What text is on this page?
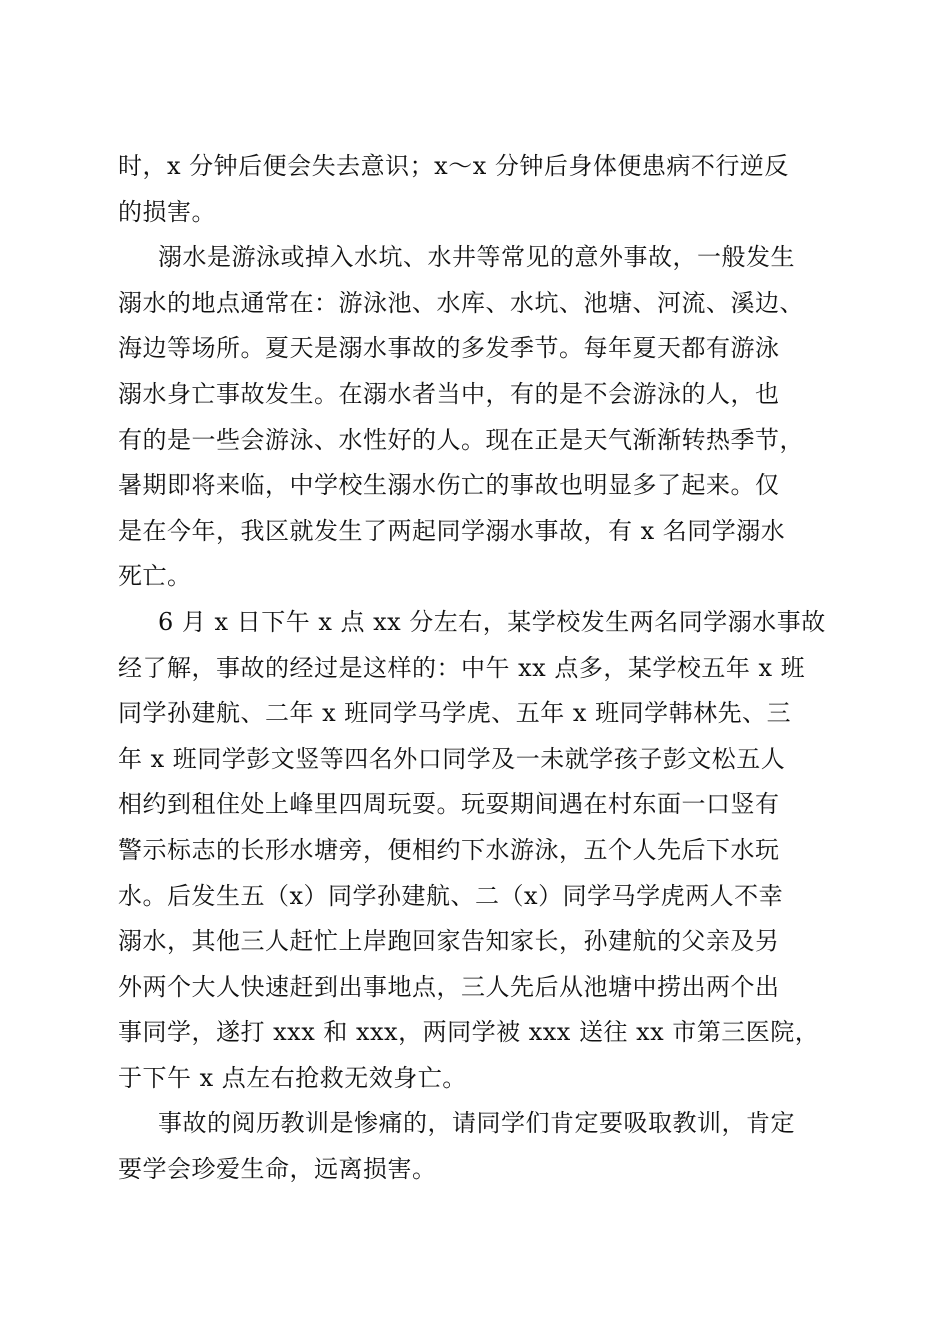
时，x 分钟后便会失去意识；x～x 分钟后身体便患病不行逆反
的损害。
溺水是游泳或掉入水坑、水井等常见的意外事故，一般发生
溺水的地点通常在：游泳池、水库、水坑、池塘、河流、溪边、
海边等场所。夏天是溺水事故的多发季节。每年夏天都有游泳
溺水身亡事故发生。在溺水者当中，有的是不会游泳的人，也
有的是一些会游泳、水性好的人。现在正是天气渐渐转热季节，
暑期即将来临，中学校生溺水伤亡的事故也明显多了起来。仅
是在今年，我区就发生了两起同学溺水事故，有 x 名同学溺水
死亡。
6 月 x 日下午 x 点 xx 分左右，某学校发生两名同学溺水事故
经了解，事故的经过是这样的：中午 xx 点多，某学校五年 x 班
同学孙建航、二年 x 班同学马学虎、五年 x 班同学韩林先、三
年 x 班同学彭文竖等四名外口同学及一未就学孩子彭文松五人
相约到租住处上峰里四周玩耍。玩耍期间遇在村东面一口竖有
警示标志的长形水塘旁，便相约下水游泳，五个人先后下水玩
水。后发生五（x）同学孙建航、二（x）同学马学虎两人不幸
溺水，其他三人赶忙上岸跑回家告知家长，孙建航的父亲及另
外两个大人快速赶到出事地点，三人先后从池塘中捞出两个出
事同学，遂打 xxx 和 xxx，两同学被 xxx 送往 xx 市第三医院，
于下午 x 点左右抢救无效身亡。
事故的阅历教训是惨痛的，请同学们肯定要吸取教训，肯定
要学会珍爱生命，远离损害。
